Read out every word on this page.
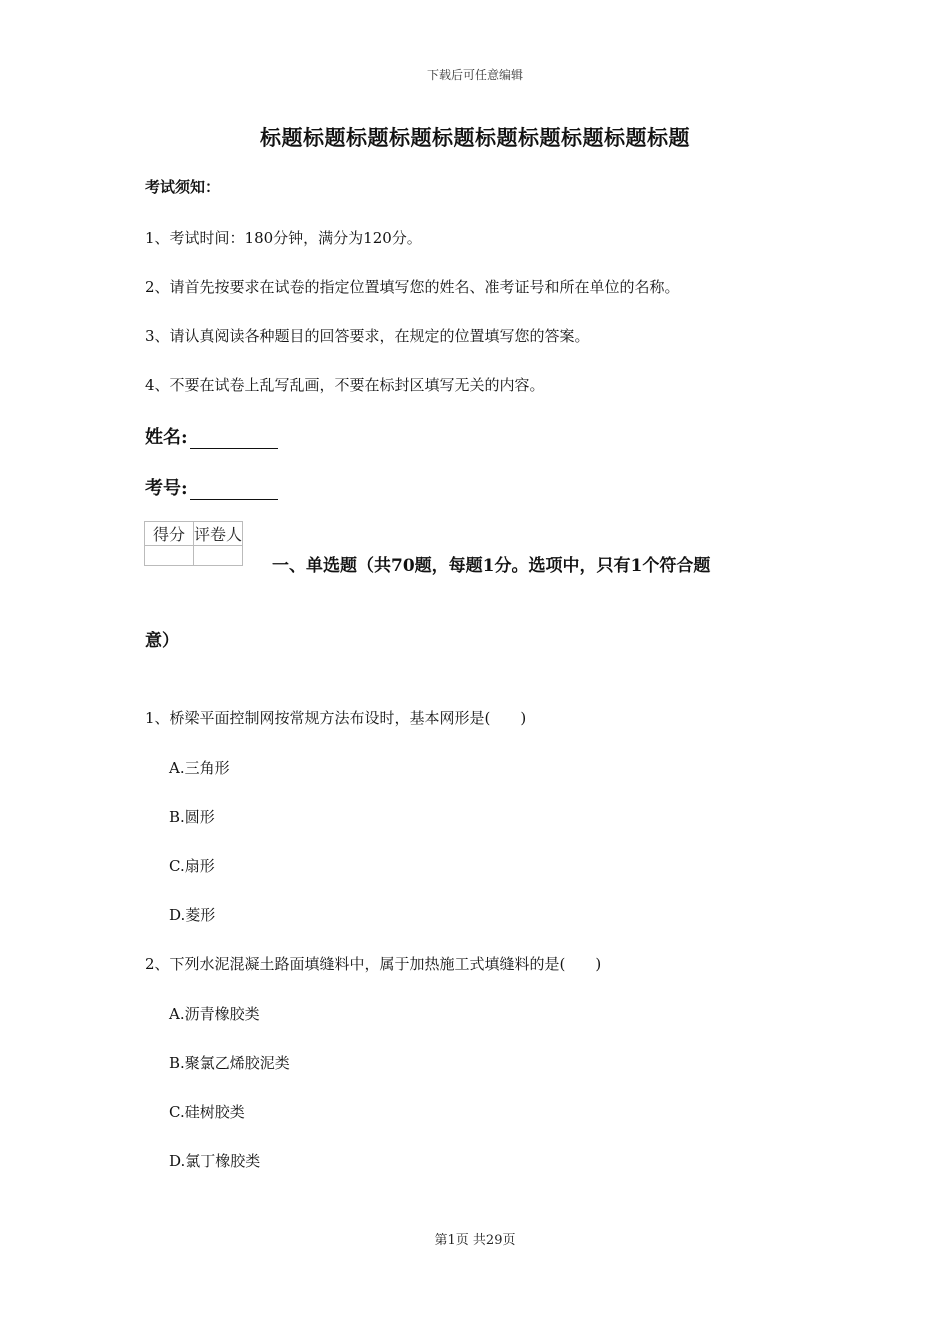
下载后可任意编辑
标题标题标题标题标题标题标题标题标题标题
考试须知：
1、考试时间：180分钟，满分为120分。
2、请首先按要求在试卷的指定位置填写您的姓名、准考证号和所在单位的名称。
3、请认真阅读各种题目的回答要求，在规定的位置填写您的答案。
4、不要在试卷上乱写乱画，不要在标封区填写无关的内容。
姓名:
考号:
得分	评卷人

一、单选题（共70题，每题1分。选项中，只有1个符合题
意）
1、桥梁平面控制网按常规方法布设时，基本网形是(　　)
A.三角形
B.圆形
C.扇形
D.菱形
2、下列水泥混凝土路面填缝料中，属于加热施工式填缝料的是(　　)
A.沥青橡胶类
B.聚氯乙烯胶泥类
C.硅树胶类
D.氯丁橡胶类
第1页 共29页
